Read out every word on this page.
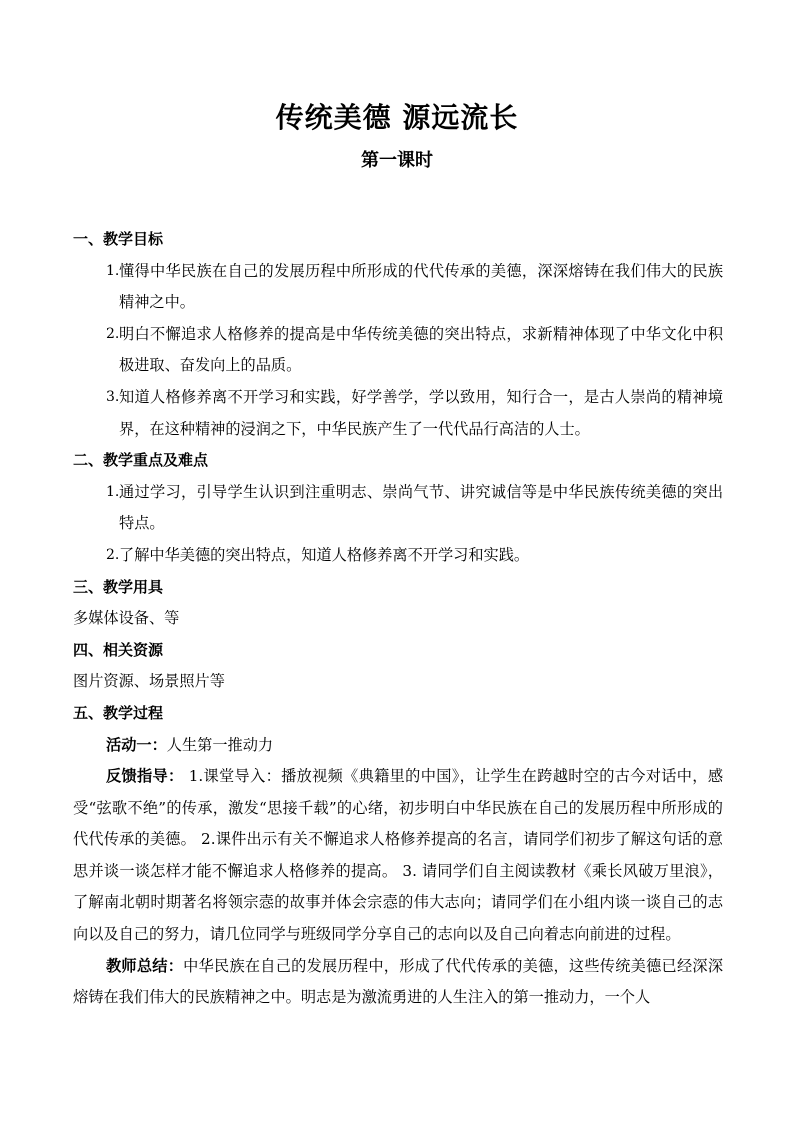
传统美德 源远流长
第一课时
一、教学目标
1. 懂得中华民族在自己的发展历程中所形成的代代传承的美德，深深熔铸在我们伟大的民族精神之中。
2. 明白不懈追求人格修养的提高是中华传统美德的突出特点，求新精神体现了中华文化中积极进取、奋发向上的品质。
3. 知道人格修养离不开学习和实践，好学善学，学以致用，知行合一，是古人崇尚的精神境界，在这种精神的浸润之下，中华民族产生了一代代品行高洁的人士。
二、教学重点及难点
1. 通过学习，引导学生认识到注重明志、崇尚气节、讲究诚信等是中华民族传统美德的突出特点。
2. 了解中华美德的突出特点，知道人格修养离不开学习和实践。
三、教学用具
多媒体设备、等
四、相关资源
图片资源、场景照片等
五、教学过程
活动一：人生第一推动力
反馈指导： 1.课堂导入：播放视频《典籍里的中国》，让学生在跨越时空的古今对话中，感受“弦歌不绝”的传承，激发“思接千载”的心绪，初步明白中华民族在自己的发展历程中所形成的代代传承的美德。 2.课件出示有关不懈追求人格修养提高的名言，请同学们初步了解这句话的意思并谈一谈怎样才能不懈追求人格修养的提高。 3. 请同学们自主阅读教材《乘长风破万里浪》，了解南北朝时期著名将领宗悫的故事并体会宗悫的伟大志向；请同学们在小组内谈一谈自己的志向以及自己的努力，请几位同学与班级同学分享自己的志向以及自己向着志向前进的过程。
教师总结：中华民族在自己的发展历程中，形成了代代传承的美德，这些传统美德已经深深熔铸在我们伟大的民族精神之中。明志是为激流勇进的人生注入的第一推动力，一个人
